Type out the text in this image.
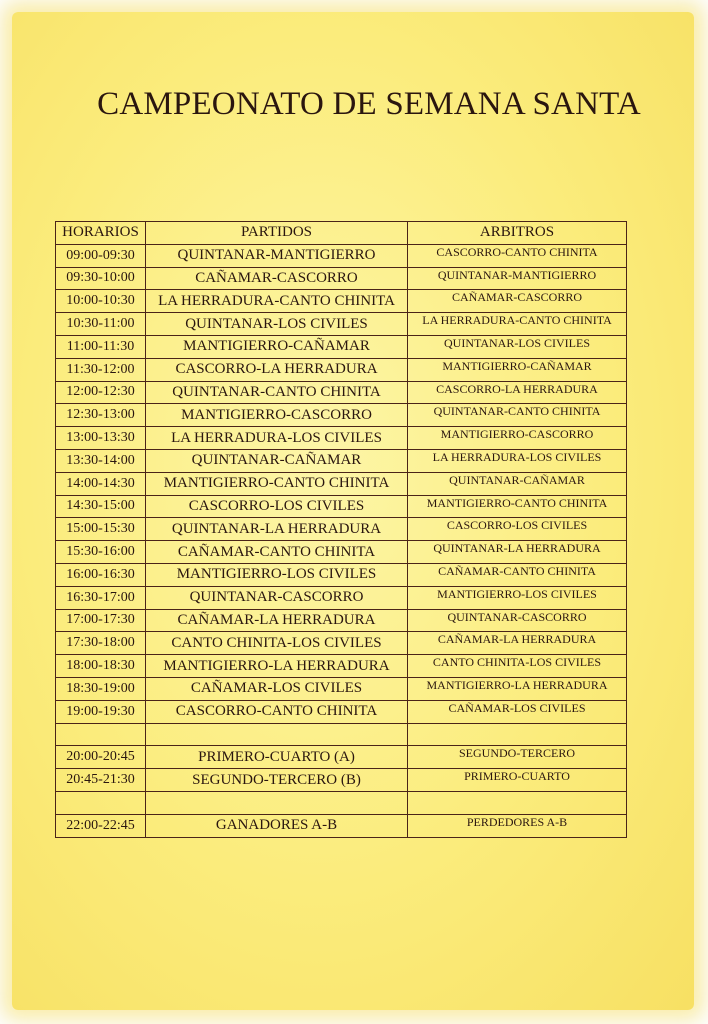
CAMPEONATO DE SEMANA SANTA
HORARIOS	PARTIDOS	ARBITROS
09:00-09:30	QUINTANAR-MANTIGIERRO	CASCORRO-CANTO CHINITA
09:30-10:00	CAÑAMAR-CASCORRO	QUINTANAR-MANTIGIERRO
10:00-10:30	LA HERRADURA-CANTO CHINITA	CAÑAMAR-CASCORRO
10:30-11:00	QUINTANAR-LOS CIVILES	LA HERRADURA-CANTO CHINITA
11:00-11:30	MANTIGIERRO-CAÑAMAR	QUINTANAR-LOS CIVILES
11:30-12:00	CASCORRO-LA HERRADURA	MANTIGIERRO-CAÑAMAR
12:00-12:30	QUINTANAR-CANTO CHINITA	CASCORRO-LA HERRADURA
12:30-13:00	MANTIGIERRO-CASCORRO	QUINTANAR-CANTO CHINITA
13:00-13:30	LA HERRADURA-LOS CIVILES	MANTIGIERRO-CASCORRO
13:30-14:00	QUINTANAR-CAÑAMAR	LA HERRADURA-LOS CIVILES
14:00-14:30	MANTIGIERRO-CANTO CHINITA	QUINTANAR-CAÑAMAR
14:30-15:00	CASCORRO-LOS CIVILES	MANTIGIERRO-CANTO CHINITA
15:00-15:30	QUINTANAR-LA HERRADURA	CASCORRO-LOS CIVILES
15:30-16:00	CAÑAMAR-CANTO CHINITA	QUINTANAR-LA HERRADURA
16:00-16:30	MANTIGIERRO-LOS CIVILES	CAÑAMAR-CANTO CHINITA
16:30-17:00	QUINTANAR-CASCORRO	MANTIGIERRO-LOS CIVILES
17:00-17:30	CAÑAMAR-LA HERRADURA	QUINTANAR-CASCORRO
17:30-18:00	CANTO CHINITA-LOS CIVILES	CAÑAMAR-LA HERRADURA
18:00-18:30	MANTIGIERRO-LA HERRADURA	CANTO CHINITA-LOS CIVILES
18:30-19:00	CAÑAMAR-LOS CIVILES	MANTIGIERRO-LA HERRADURA
19:00-19:30	CASCORRO-CANTO CHINITA	CAÑAMAR-LOS CIVILES

20:00-20:45	PRIMERO-CUARTO (A)	SEGUNDO-TERCERO
20:45-21:30	SEGUNDO-TERCERO (B)	PRIMERO-CUARTO

22:00-22:45	GANADORES A-B	PERDEDORES A-B
